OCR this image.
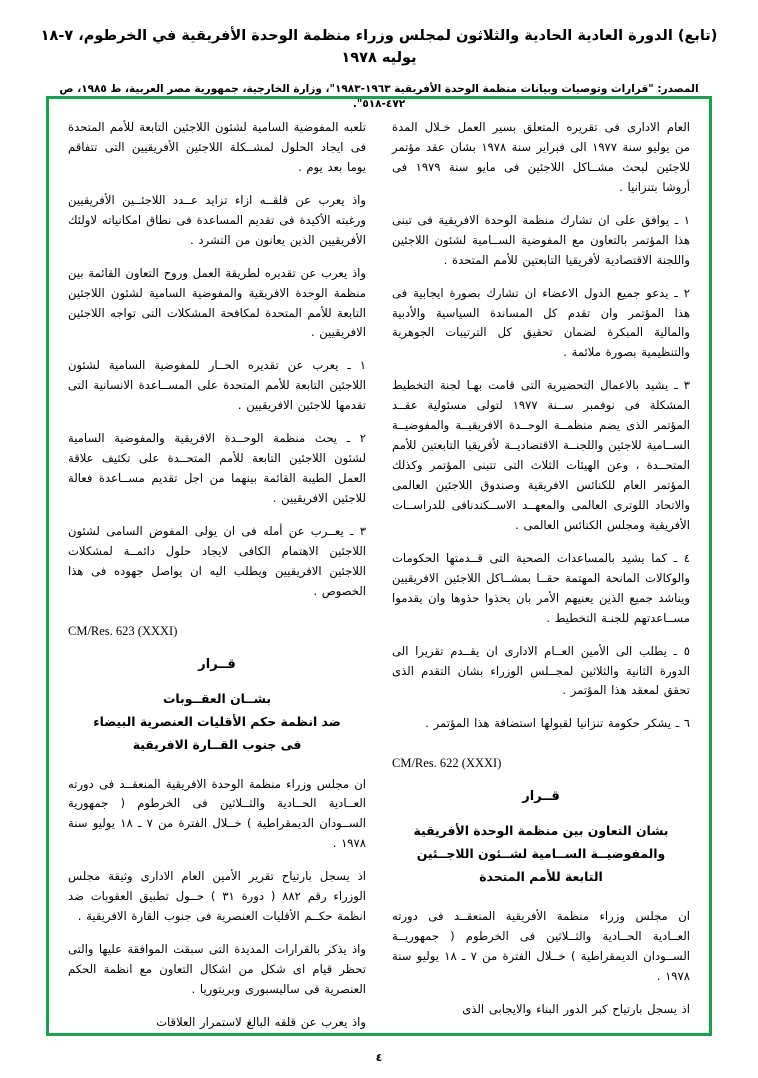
(تابع) الدورة العادية الحادية والثلاثون لمجلس وزراء منظمة الوحدة الأفريقية في الخرطوم، ٧-١٨ يوليه ١٩٧٨
المصدر: "قرارات وتوصيات وبيانات منظمة الوحدة الأفريقية ١٩٦٣-١٩٨٣"، وزارة الخارجية، جمهورية مصر العربية، ط ١٩٨٥، ص ٤٧٢-٥١٨".

العام الادارى فى تقريره المتعلق بسير العمل خـلال المدة من يوليو سنة ١٩٧٧ الى فبراير سنة ١٩٧٨ بشان عقد مؤتمر للاجئين لبحث مشــاكل اللاجئين فى مايو سنة ١٩٧٩ فى أروشا بتنزانيا .

١ ـ يوافق على ان تشارك منظمة الوحدة الافريقية فى تبنى هذا المؤتمر بالتعاون مع المفوضية الســامية لشئون اللاجئين واللجنة الاقتصادية لأفريقيا التابعتين للأمم المتحدة .

٢ ـ يدعو جميع الدول الاعضاء ان تشارك بصورة ايجابية فى هذا المؤتمر وان تقدم كل المساندة السياسية والأدبية والمالية المبكرة لضمان تحقيق كل الترتيبات الجوهرية والتنظيمية بصورة ملائمة .

٣ ـ يشيد بالاعمال التحضيرية التى قامت بهـا لجنة التخطيط المشكلة فى نوفمبر ســنة ١٩٧٧ لتولى مسئولية عقــد المؤتمر الذى يضم منظمــة الوحــدة الافريقيــة والمفوضيــة الســامية للاجئين واللجنــة الاقتصاديــة لأفريقيا التابعتين للأمم المتحــدة ، وعن الهيئات الثلاث التى تتبنى المؤتمر وكذلك المؤتمر العام للكنائس الافريقية وصندوق اللاجئين العالمى والاتحاد اللوترى العالمى والمعهــد الاســكندنافى للدراســات الأفريقية ومجلس الكنائس العالمى .

٤ ـ كما يشيد بالمساعدات الصحية التى قــدمتها الحكومات والوكالات المانحة المهتمة حقــا بمشــاكل اللاجئين الافريقيين ويناشد جميع الذين يعنيهم الأمر بان يحذوا حذوها وان يقدموا مســاعدتهم للجنـة التخطيط .

٥ ـ يطلب الى الأمين العــام الادارى ان يقــدم تقريرا الى الدورة الثانية والثلاثين لمجــلس الوزراء بشان التقدم الذى تحقق لمعقد هذا المؤتمر .

٦ ـ يشكر حكومة تنزانيا لقبولها استضافة هذا المؤتمر .

CM/Res. 622 (XXXI)
قــرار
بشان التعاون بين منظمة الوحدة الأفريقية
والمفوضيــة الســامية لشــئون اللاجــئين
التابعة للأمم المتحدة

ان مجلس وزراء منظمة الأفريقية المنعقــد فى دورته العــادية الحــادية والثــلاثين فى الخرطوم ( جمهوريــة الســودان الديمقراطية ) خــلال الفترة من ٧ ـ ١٨ يوليو سنة ١٩٧٨ .

اذ يسجل بارتياح كبر الدور البناء والايجابى الذى

تلعبه المفوضية السامية لشئون اللاجئين التابعة للأمم المتحدة فى ايجاد الحلول لمشــكلة اللاجئين الأفريقيين التى تتفاقم يوما بعد يوم .

واذ يعرب عن قلقــه ازاء تزايد عــدد اللاجئــين الأفريقيين ورغبته الأكيدة فى تقديم المساعدة فى نطاق امكانياته لاولئك الأفريقيين الذين يعانون من التشرد .

واذ يعرب عن تقديره لطريقة العمل وروح التعاون القائمة بين منظمة الوحدة الافريقية والمفوضية السامية لشئون اللاجئين التابعة للأمم المتحدة لمكافحة المشكلات التى تواجه اللاجئين الافريقيين .

١ ـ يعرب عن تقديره الحــار للمفوضية السامية لشئون اللاجئين التابعة للأمم المتحدة على المســاعدة الانسانية التى تقدمها للاجئين الافريقيين .

٢ ـ يحث منظمة الوحــدة الافريقية والمفوضية السامية لشئون اللاجئين التابعة للأمم المتحــدة على تكثيف علاقة العمل الطيبة القائمة بينهما من اجل تقديم مســاعدة فعالة للاجئين الافريقيين .

٣ ـ يعــرب عن أمله فى ان يولى المفوض السامى لشئون اللاجئين الاهتمام الكافى لايجاد حلول دائمــة لمشكلات اللاجئين الافريقيين ويطلب اليه ان يواصل جهوده فى هذا الخصوص .

CM/Res. 623 (XXXI)
قــرار
بشــان العقــوبات
ضد انظمة حكم الأقليات العنصرية البيضاء
فى جنوب القــارة الافريقية

ان مجلس وزراء منظمة الوحدة الافريقية المنعقــد فى دورته العــادية الحــادية والثــلاثين فى الخرطوم ( جمهورية الســودان الديمقراطية ) خــلال الفترة من ٧ ـ ١٨ يوليو سنة ١٩٧٨ .

اذ يسجل بارتياح تقرير الأمين العام الادارى وثيقة مجلس الوزراء رقم ٨٨٢ ( دورة ٣١ ) حــول تطبيق العقوبات ضد انظمة حكــم الأقليات العنصرية فى جنوب القارة الافريقية .

واذ يذكر بالقرارات المديدة التى سبقت الموافقة عليها والتى تحظر قيام اى شكل من اشكال التعاون مع انظمة الحكم العنصرية فى ساليسبورى وبريتوريا .

واذ يعرب عن قلقه البالغ لاستمرار العلاقات

٤
